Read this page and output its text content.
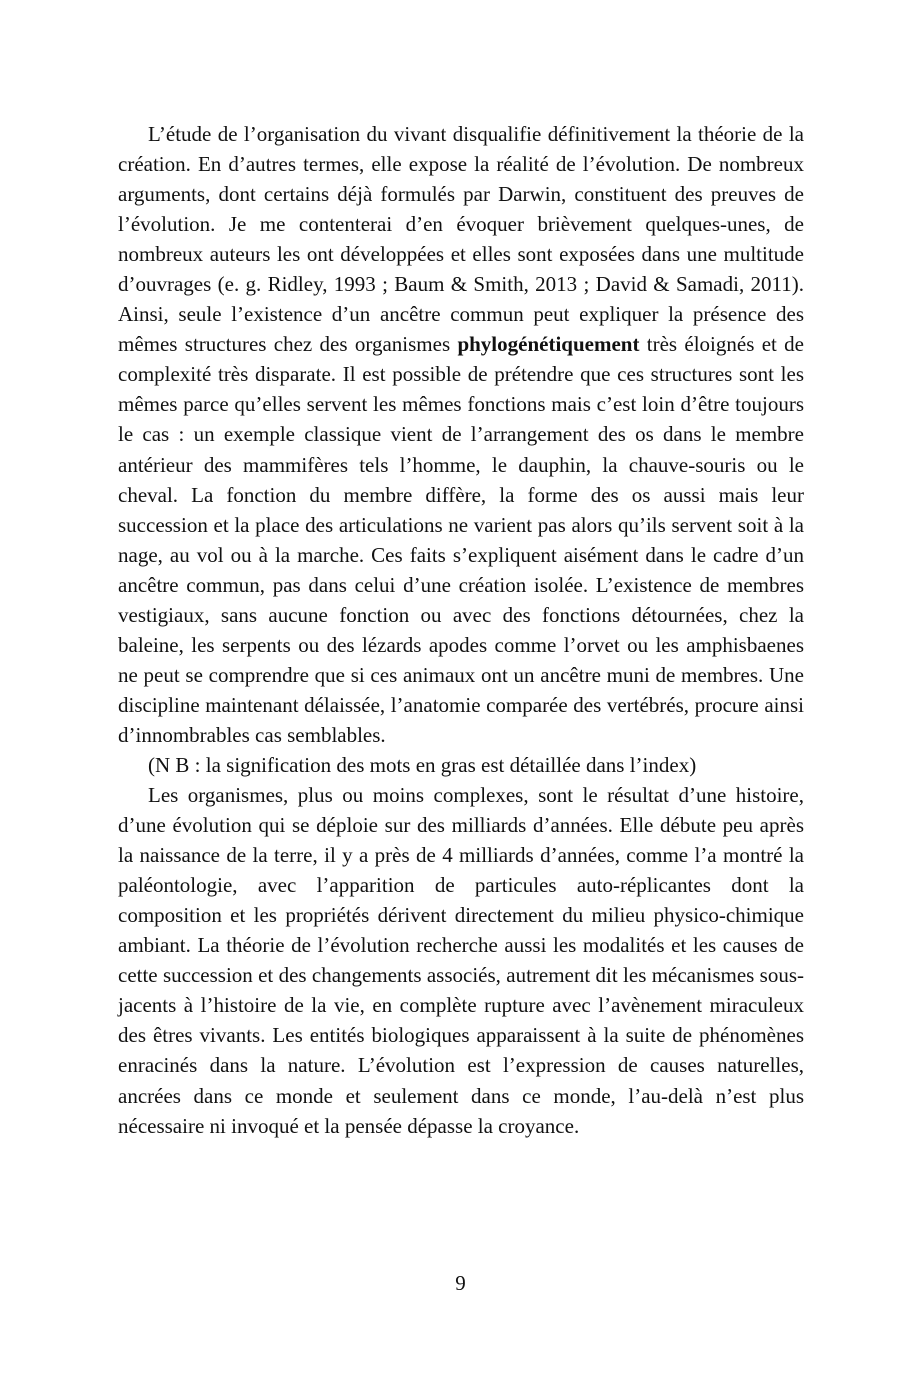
L’étude de l’organisation du vivant disqualifie définitivement la théorie de la création. En d’autres termes, elle expose la réalité de l’évolution. De nombreux arguments, dont certains déjà formulés par Darwin, constituent des preuves de l’évolution. Je me contenterai d’en évoquer brièvement quelques-unes, de nombreux auteurs les ont développées et elles sont exposées dans une multitude d’ouvrages (e. g. Ridley, 1993 ; Baum & Smith, 2013 ; David & Samadi, 2011). Ainsi, seule l’existence d’un ancêtre commun peut expliquer la présence des mêmes structures chez des organismes phylogénétiquement très éloignés et de complexité très disparate. Il est possible de prétendre que ces structures sont les mêmes parce qu’elles servent les mêmes fonctions mais c’est loin d’être toujours le cas : un exemple classique vient de l’arrangement des os dans le membre antérieur des mammifères tels l’homme, le dauphin, la chauve-souris ou le cheval. La fonction du membre diffère, la forme des os aussi mais leur succession et la place des articulations ne varient pas alors qu’ils servent soit à la nage, au vol ou à la marche. Ces faits s’expliquent aisément dans le cadre d’un ancêtre commun, pas dans celui d’une création isolée. L’existence de membres vestigiaux, sans aucune fonction ou avec des fonctions détournées, chez la baleine, les serpents ou des lézards apodes comme l’orvet ou les amphisbaenes ne peut se comprendre que si ces animaux ont un ancêtre muni de membres. Une discipline maintenant délaissée, l’anatomie comparée des vertébrés, procure ainsi d’innombrables cas semblables.

(N B : la signification des mots en gras est détaillée dans l’index)

Les organismes, plus ou moins complexes, sont le résultat d’une histoire, d’une évolution qui se déploie sur des milliards d’années. Elle débute peu après la naissance de la terre, il y a près de 4 milliards d’années, comme l’a montré la paléontologie, avec l’apparition de particules auto-réplicantes dont la composition et les propriétés dérivent directement du milieu physico-chimique ambiant. La théorie de l’évolution recherche aussi les modalités et les causes de cette succession et des changements associés, autrement dit les mécanismes sous-jacents à l’histoire de la vie, en complète rupture avec l’avènement miraculeux des êtres vivants. Les entités biologiques apparaissent à la suite de phénomènes enracinés dans la nature. L’évolution est l’expression de causes naturelles, ancrées dans ce monde et seulement dans ce monde, l’au-delà n’est plus nécessaire ni invoqué et la pensée dépasse la croyance.

9
